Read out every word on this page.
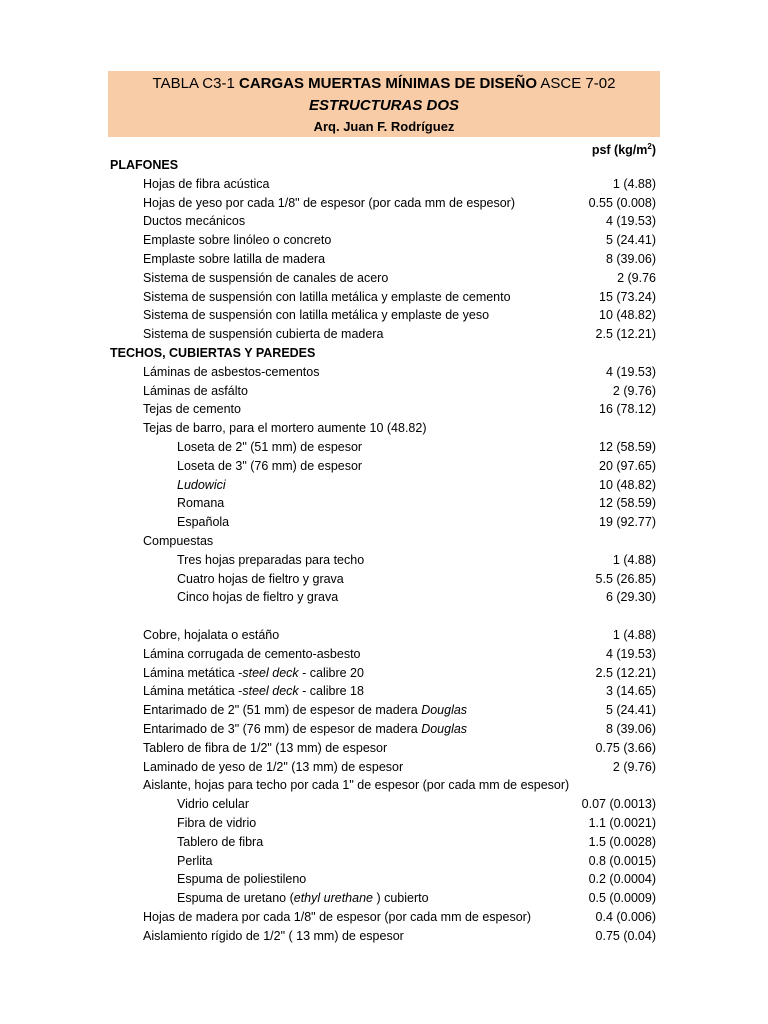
TABLA C3-1 CARGAS MUERTAS MÍNIMAS DE DISEÑO ASCE 7-02
ESTRUCTURAS DOS
Arq. Juan F. Rodríguez
psf $(kg/m^2)$
PLAFONES
Hojas de fibra acústica	1 (4.88)
Hojas de yeso por cada 1/8" de espesor (por cada mm de espesor)	0.55 (0.008)
Ductos mecánicos	4 (19.53)
Emplaste sobre linóleo o concreto	5 (24.41)
Emplaste sobre latilla de madera	8 (39.06)
Sistema de suspensión de canales de acero	2 (9.76
Sistema de suspensión con latilla metálica y emplaste de cemento	15 (73.24)
Sistema de suspensión con latilla metálica y emplaste de yeso	10 (48.82)
Sistema de suspensión cubierta de madera	2.5 (12.21)
TECHOS, CUBIERTAS Y PAREDES
Láminas de asbestos-cementos	4 (19.53)
Láminas de asfálto	2 (9.76)
Tejas de cemento	16 (78.12)
Tejas de barro, para el mortero aumente 10 (48.82)
Loseta de 2" (51 mm) de espesor	12 (58.59)
Loseta de 3" (76 mm) de espesor	20 (97.65)
Ludowici	10 (48.82)
Romana	12 (58.59)
Española	19 (92.77)
Compuestas
Tres hojas preparadas para techo	1 (4.88)
Cuatro hojas de fieltro y grava	5.5 (26.85)
Cinco hojas de fieltro y grava	6 (29.30)
Cobre, hojalata o estáño	1 (4.88)
Lámina corrugada de cemento-asbesto	4 (19.53)
Lámina metática -steel deck - calibre 20	2.5 (12.21)
Lámina metática -steel deck - calibre 18	3 (14.65)
Entarimado de 2" (51 mm) de espesor de madera Douglas	5 (24.41)
Entarimado de 3" (76 mm) de espesor de madera Douglas	8 (39.06)
Tablero de fibra de 1/2" (13 mm) de espesor	0.75 (3.66)
Laminado de yeso de 1/2" (13 mm) de espesor	2 (9.76)
Aislante, hojas para techo por cada 1" de espesor (por cada mm de espesor)
Vidrio celular	0.07 (0.0013)
Fibra de vidrio	1.1 (0.0021)
Tablero de fibra	1.5 (0.0028)
Perlita	0.8 (0.0015)
Espuma de poliestileno	0.2 (0.0004)
Espuma de uretano (ethyl urethane ) cubierto	0.5 (0.0009)
Hojas de madera por cada 1/8" de espesor (por cada mm de espesor)	0.4 (0.006)
Aislamiento rígido de 1/2" ( 13 mm) de espesor	0.75 (0.04)
